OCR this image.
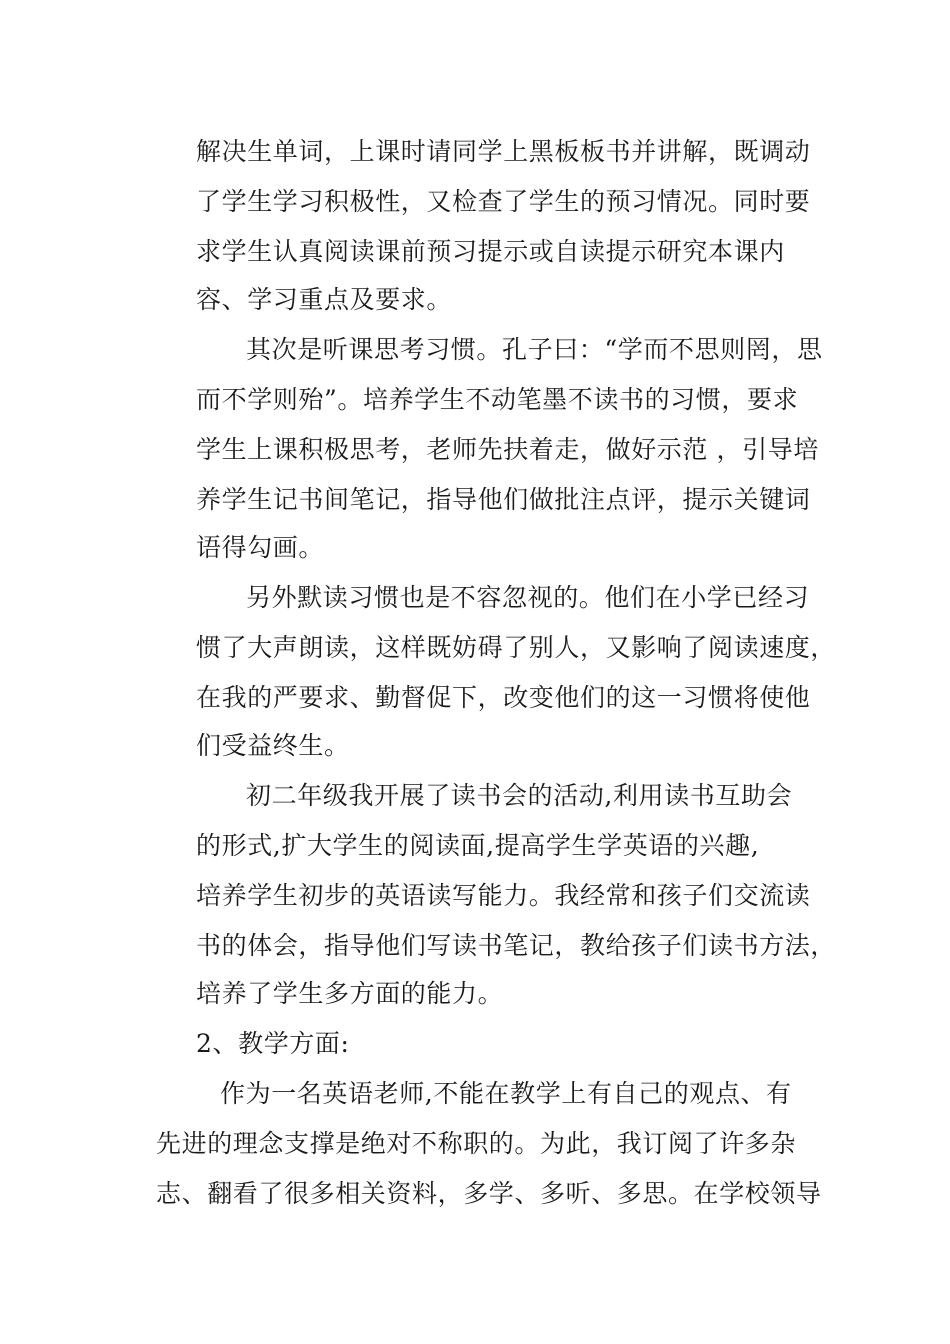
解决生单词，上课时请同学上黑板板书并讲解，既调动
了学生学习积极性，又检查了学生的预习情况。同时要
求学生认真阅读课前预习提示或自读提示研究本课内
容、学习重点及要求。
其次是听课思考习惯。孔子曰：“学而不思则罔，思
而不学则殆”。培养学生不动笔墨不读书的习惯，要求
学生上课积极思考，老师先扶着走，做好示范 ，引导培
养学生记书间笔记，指导他们做批注点评，提示关键词
语得勾画。
另外默读习惯也是不容忽视的。他们在小学已经习
惯了大声朗读，这样既妨碍了别人，又影响了阅读速度，
在我的严要求、勤督促下，改变他们的这一习惯将使他
们受益终生。
初二年级我开展了读书会的活动,利用读书互助会
的形式,扩大学生的阅读面,提高学生学英语的兴趣,
培养学生初步的英语读写能力。我经常和孩子们交流读
书的体会，指导他们写读书笔记，教给孩子们读书方法，
培养了学生多方面的能力。
2、教学方面:
作为一名英语老师,不能在教学上有自己的观点、有
先进的理念支撑是绝对不称职的。为此，我订阅了许多杂
志、翻看了很多相关资料，多学、多听、多思。在学校领导
